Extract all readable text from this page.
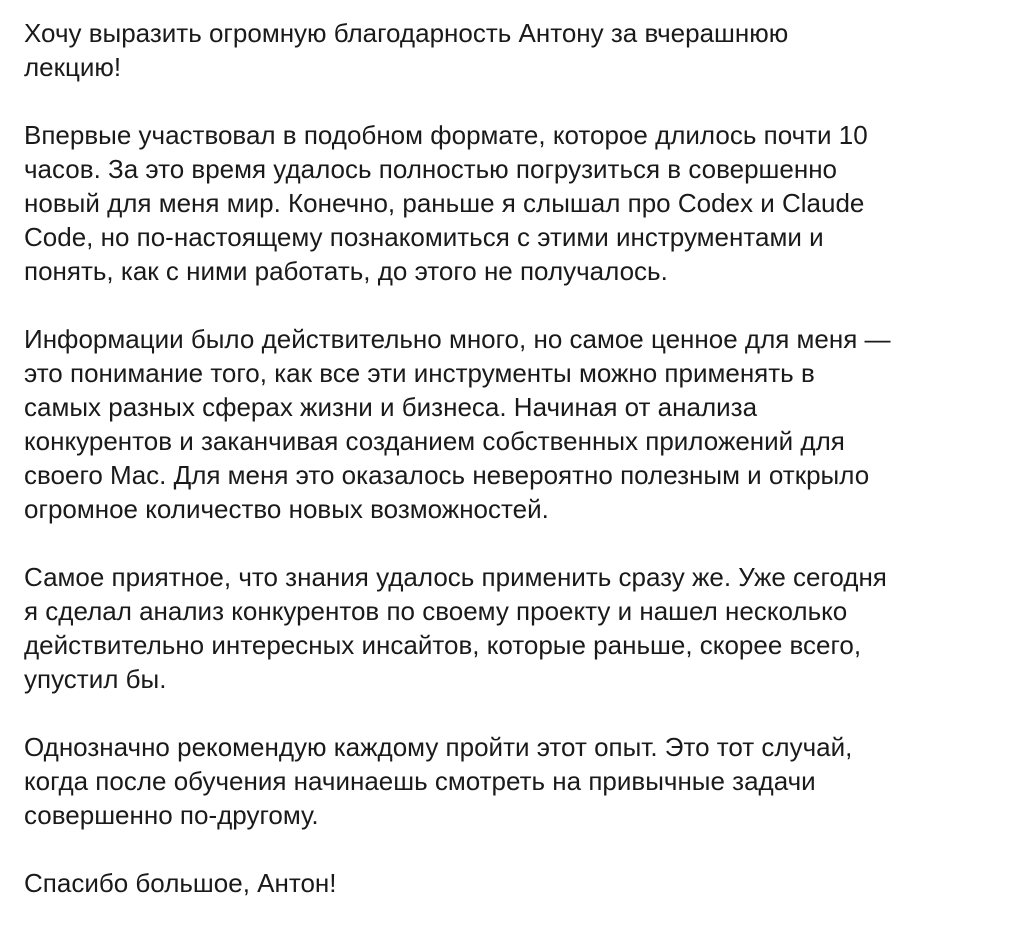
Хочу выразить огромную благодарность Антону за вчерашнюю
лекцию!

Впервые участвовал в подобном формате, которое длилось почти 10
часов. За это время удалось полностью погрузиться в совершенно
новый для меня мир. Конечно, раньше я слышал про Codex и Claude
Code, но по-настоящему познакомиться с этими инструментами и
понять, как с ними работать, до этого не получалось.

Информации было действительно много, но самое ценное для меня —
это понимание того, как все эти инструменты можно применять в
самых разных сферах жизни и бизнеса. Начиная от анализа
конкурентов и заканчивая созданием собственных приложений для
своего Mac. Для меня это оказалось невероятно полезным и открыло
огромное количество новых возможностей.

Самое приятное, что знания удалось применить сразу же. Уже сегодня
я сделал анализ конкурентов по своему проекту и нашел несколько
действительно интересных инсайтов, которые раньше, скорее всего,
упустил бы.

Однозначно рекомендую каждому пройти этот опыт. Это тот случай,
когда после обучения начинаешь смотреть на привычные задачи
совершенно по-другому.

Спасибо большое, Антон!
